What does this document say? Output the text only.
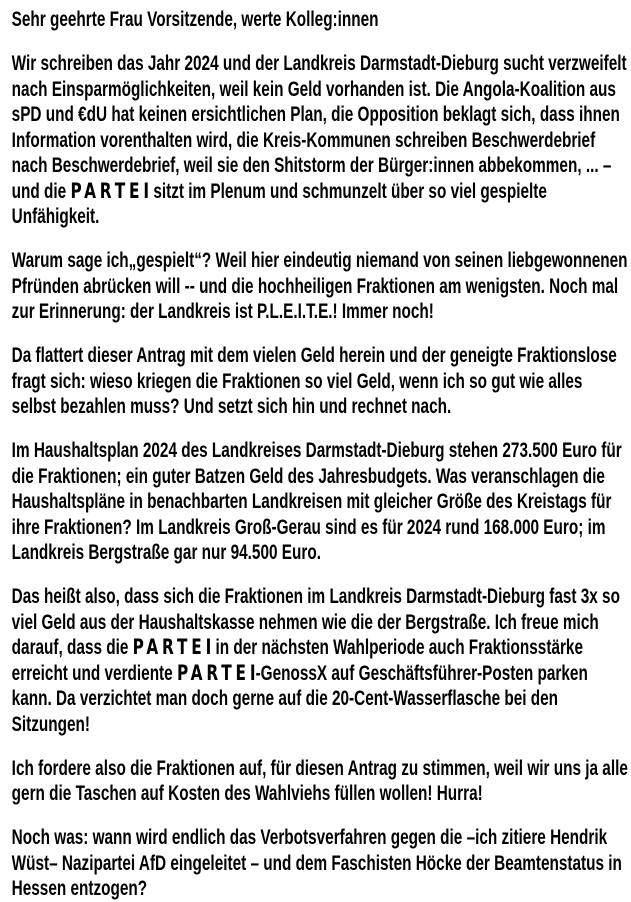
Sehr geehrte Frau Vorsitzende, werte Kolleg:innen

Wir schreiben das Jahr 2024 und der Landkreis Darmstadt-Dieburg sucht verzweifelt nach Einsparmöglichkeiten, weil kein Geld vorhanden ist. Die Angola-Koalition aus sPD und €dU hat keinen ersichtlichen Plan, die Opposition beklagt sich, dass ihnen Information vorenthalten wird, die Kreis-Kommunen schreiben Beschwerdebrief nach Beschwerdebrief, weil sie den Shitstorm der Bürger:innen abbekommen, ... – und die PARTEI sitzt im Plenum und schmunzelt über so viel gespielte Unfähigkeit.

Warum sage ich„gespielt“? Weil hier eindeutig niemand von seinen liebgewonnenen Pfründen abrücken will -- und die hochheiligen Fraktionen am wenigsten. Noch mal zur Erinnerung: der Landkreis ist P.L.E.I.T.E.! Immer noch!

Da flattert dieser Antrag mit dem vielen Geld herein und der geneigte Fraktionslose fragt sich: wieso kriegen die Fraktionen so viel Geld, wenn ich so gut wie alles selbst bezahlen muss? Und setzt sich hin und rechnet nach.

Im Haushaltsplan 2024 des Landkreises Darmstadt-Dieburg stehen 273.500 Euro für die Fraktionen; ein guter Batzen Geld des Jahresbudgets. Was veranschlagen die Haushaltspläne in benachbarten Landkreisen mit gleicher Größe des Kreistags für ihre Fraktionen? Im Landkreis Groß-Gerau sind es für 2024 rund 168.000 Euro; im Landkreis Bergstraße gar nur 94.500 Euro.

Das heißt also, dass sich die Fraktionen im Landkreis Darmstadt-Dieburg fast 3x so viel Geld aus der Haushaltskasse nehmen wie die der Bergstraße. Ich freue mich darauf, dass die PARTEI in der nächsten Wahlperiode auch Fraktionsstärke erreicht und verdiente PARTEI-GenossX auf Geschäftsführer-Posten parken kann. Da verzichtet man doch gerne auf die 20-Cent-Wasserflasche bei den Sitzungen!

Ich fordere also die Fraktionen auf, für diesen Antrag zu stimmen, weil wir uns ja alle gern die Taschen auf Kosten des Wahlviehs füllen wollen! Hurra!

Noch was: wann wird endlich das Verbotsverfahren gegen die –ich zitiere Hendrik Wüst– Nazipartei AfD eingeleitet – und dem Faschisten Höcke der Beamtenstatus in Hessen entzogen?
